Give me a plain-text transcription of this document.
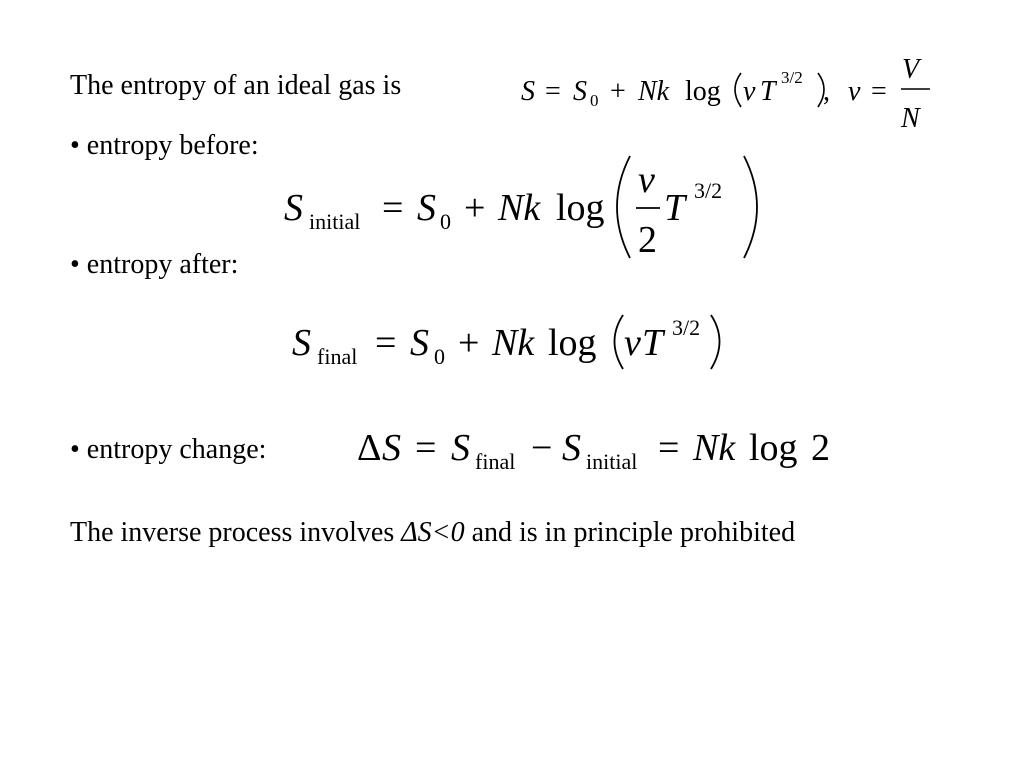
The entropy of an ideal gas is	S = S 0 + Nk log v T 3/2 , v =
V
N
• entropy before:
S initial = S 0 + Nk log
v
2
T 3/2
• entropy after:
S final = S 0 + Nk log v T 3/2
• entropy change: Δ S = S final − S initial = Nk log 2
The inverse process involves ΔS<0 and is in principle prohibited
